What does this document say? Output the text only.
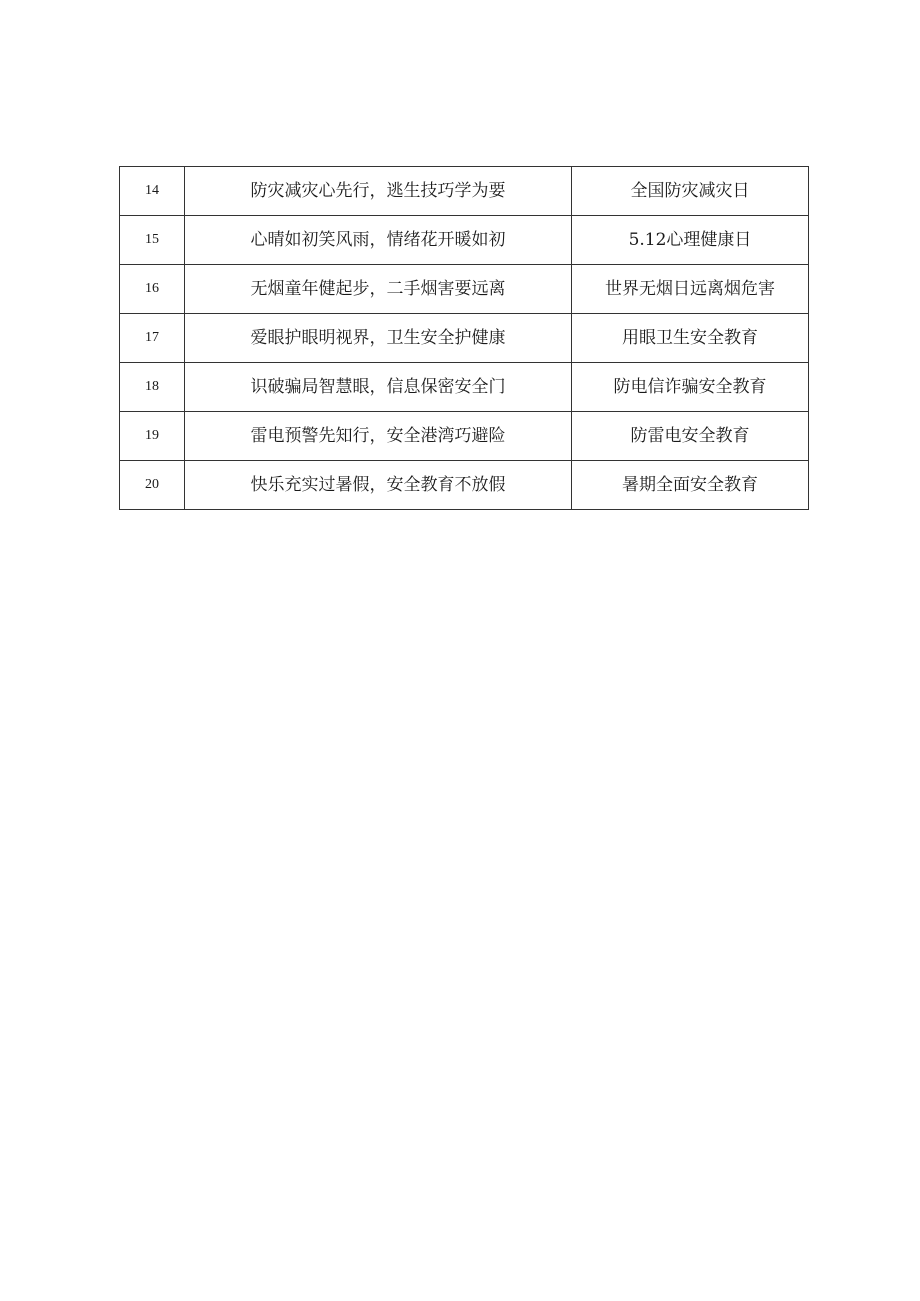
14	防灾减灾心先行，逃生技巧学为要	全国防灾减灾日
15	心晴如初笑风雨，情绪花开暖如初	5.12心理健康日
16	无烟童年健起步，二手烟害要远离	世界无烟日远离烟危害
17	爱眼护眼明视界，卫生安全护健康	用眼卫生安全教育
18	识破骗局智慧眼，信息保密安全门	防电信诈骗安全教育
19	雷电预警先知行，安全港湾巧避险	防雷电安全教育
20	快乐充实过暑假，安全教育不放假	暑期全面安全教育
